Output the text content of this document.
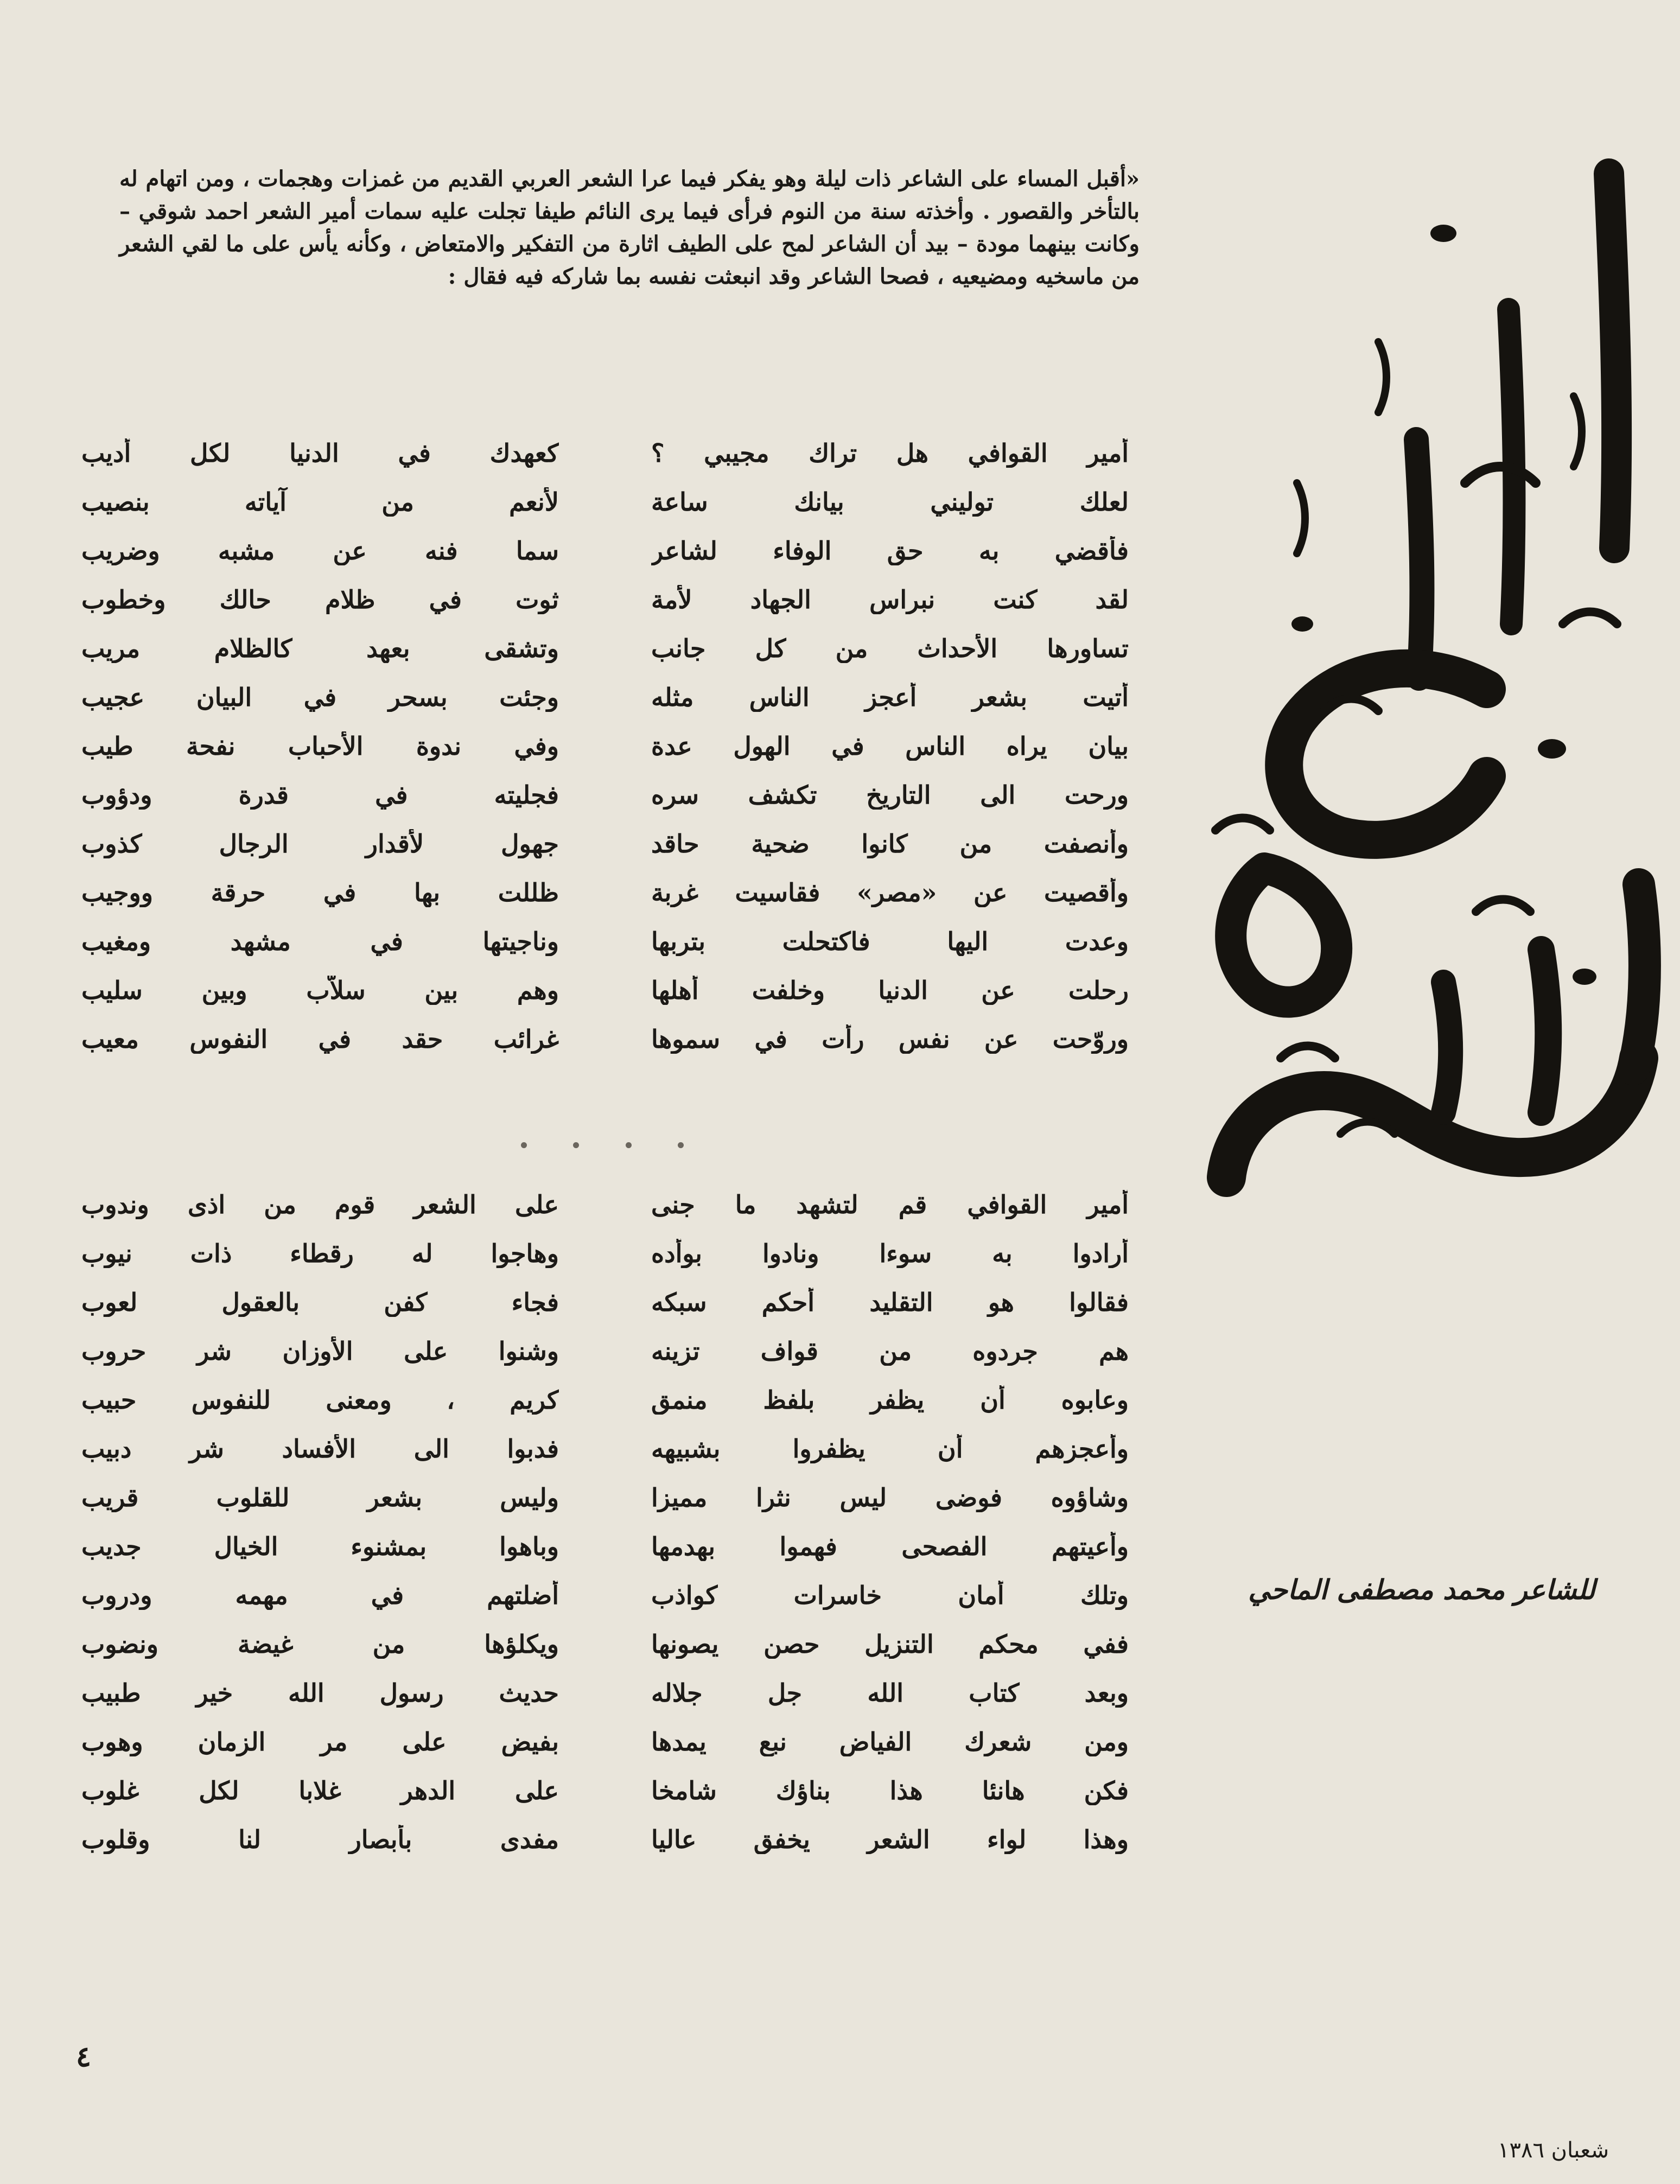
«أقبل المساء على الشاعر ذات ليلة وهو يفكر فيما عرا الشعر العربي القديم من غمزات وهجمات ، ومن اتهام له بالتأخر والقصور . وأخذته سنة من النوم فرأى فيما يرى النائم طيفا تجلت عليه سمات أمير الشعر احمد شوقي – وكانت بينهما مودة – بيد أن الشاعر لمح على الطيف اثارة من التفكير والامتعاض ، وكأنه يأس على ما لقي الشعر من ماسخيه ومضيعيه ، فصحا الشاعر وقد انبعثت نفسه بما شاركه فيه فقال :

أمير القوافي هل تراك مجيبي ؟
كعهدك في الدنيا لكل أديب
لعلك توليني بيانك ساعة
لأنعم من آياته بنصيب
فأقضي به حق الوفاء لشاعر
سما فنه عن مشبه وضريب
لقد كنت نبراس الجهاد لأمة
ثوت في ظلام حالك وخطوب
تساورها الأحداث من كل جانب
وتشقى بعهد كالظلام مريب
أتيت بشعر أعجز الناس مثله
وجئت بسحر في البيان عجيب
بيان يراه الناس في الهول عدة
وفي ندوة الأحباب نفحة طيب
ورحت الى التاريخ تكشف سره
فجليته في قدرة ودؤوب
وأنصفت من كانوا ضحية حاقد
جهول لأقدار الرجال كذوب
وأقصيت عن «مصر» فقاسيت غربة
ظللت بها في حرقة ووجيب
وعدت اليها فاكتحلت بتربها
وناجيتها في مشهد ومغيب
رحلت عن الدنيا وخلفت أهلها
وهم بين سلاّب وبين سليب
وروّحت عن نفس رأت في سموها
غرائب حقد في النفوس معيب
أمير القوافي قم لتشهد ما جنى
على الشعر قوم من اذى وندوب
أرادوا به سوءا ونادوا بوأده
وهاجوا له رقطاء ذات نيوب
فقالوا هو التقليد أحكم سبكه
فجاء كفن بالعقول لعوب
هم جردوه من قواف تزينه
وشنوا على الأوزان شر حروب
وعابوه أن يظفر بلفظ منمق
كريم ، ومعنى للنفوس حبيب
وأعجزهم أن يظفروا بشبيهه
فدبوا الى الأفساد شر دبيب
وشاؤوه فوضى ليس نثرا مميزا
وليس بشعر للقلوب قريب
وأعيتهم الفصحى فهموا بهدمها
وباهوا بمشنوء الخيال جديب
وتلك أمان خاسرات كواذب
أضلتهم في مهمه ودروب
ففي محكم التنزيل حصن يصونها
ويكلؤها من غيضة ونضوب
وبعد كتاب الله جل جلاله
حديث رسول الله خير طبيب
ومن شعرك الفياض نبع يمدها
بفيض على مر الزمان وهوب
فكن هانئا هذا بناؤك شامخا
على الدهر غلابا لكل غلوب
وهذا لواء الشعر يخفق عاليا
مفدى بأبصار لنا وقلوب
للشاعر محمد مصطفى الماحي
٤
شعبان ١٣٨٦
